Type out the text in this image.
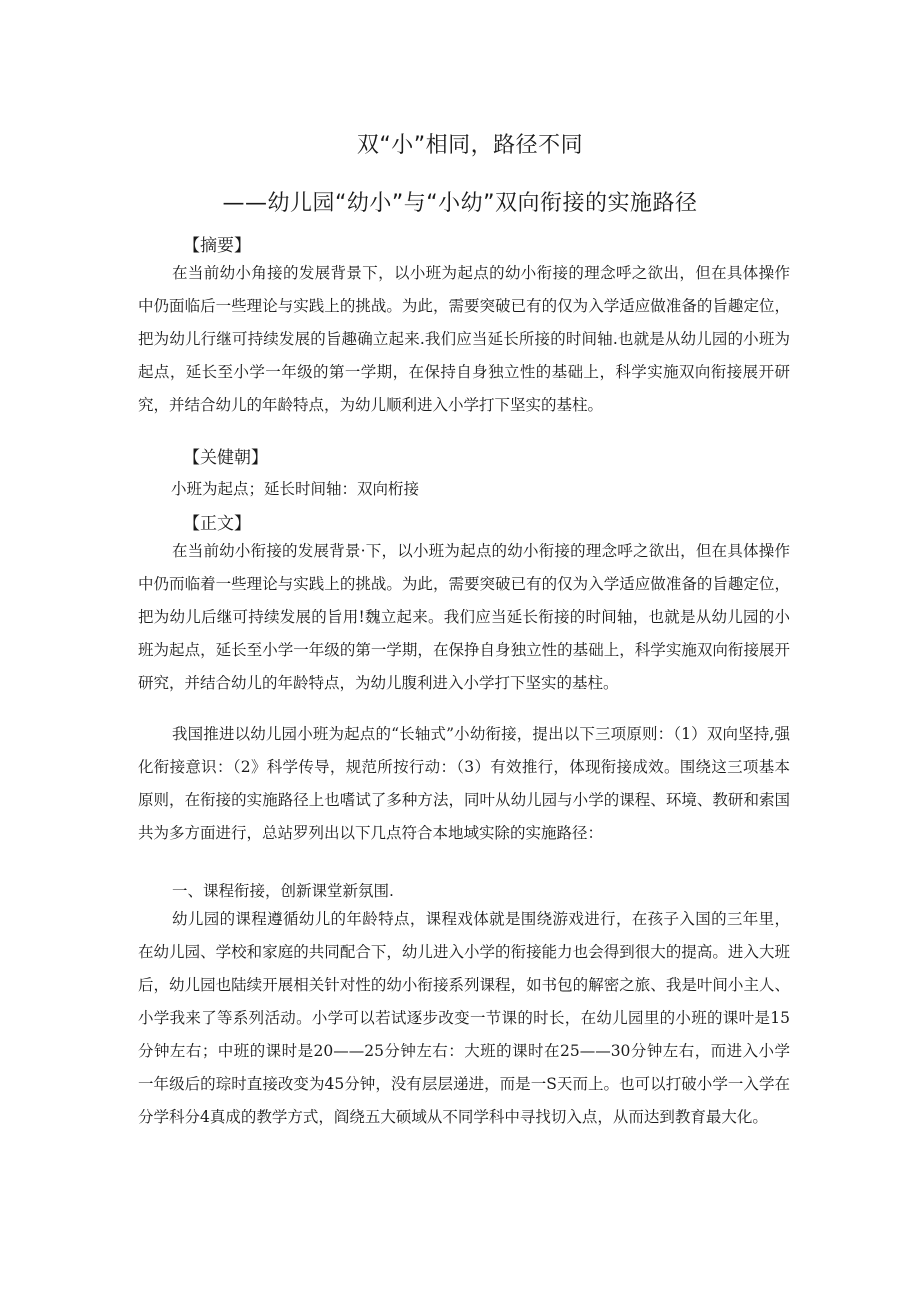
双“小”相同，路径不同
——幼儿园“幼小”与“小幼”双向衔接的实施路径
【摘要】

在当前幼小角接的发展背景下，以小班为起点的幼小衔接的理念呼之欲出，但在具体操作中仍面临后一些理论与实践上的挑战。为此，需要突破已有的仅为入学适应做准备的旨趣定位，把为幼儿行继可持续发展的旨趣确立起来.我们应当延长所接的时间轴.也就是从幼儿园的小班为起点，延长至小学一年级的第一学期，在保持自身独立性的基础上，科学实施双向衔接展开研究，并结合幼儿的年龄特点，为幼儿顺利进入小学打下坚实的基柱。

【关健朝】

小班为起点；延长时间轴：双向桁接

【正文】

在当前幼小衔接的发展背景·下，以小班为起点的幼小衔接的理念呼之欲出，但在具体操作中仍而临着一些理论与实践上的挑战。为此，需要突破已有的仅为入学适应做准备的旨趣定位，把为幼儿后继可持续发展的旨用!魏立起来。我们应当延长衔接的时间轴，也就是从幼儿园的小班为起点，延长至小学一年级的第一学期，在保挣自身独立性的基础上，科学实施双向衔接展开研究，并结合幼儿的年龄特点，为幼儿腹利进入小学打下坚实的基柱。

我国推进以幼儿园小班为起点的“长轴式”小幼衔接，提出以下三项原则：（1）双向坚持,强化衔接意识：（2》科学传导，规范所按行动：（3）有效推行，体现衔接成效。围绕这三项基本原则，在衔接的实施路径上也嗜试了多种方法，同叶从幼儿园与小学的课程、环境、教研和索国共为多方面进行，总站罗列出以下几点符合本地域实除的实施路径：

一、课程衔接，创新课堂新氛围.

幼儿园的课程遵循幼儿的年龄特点，课程戏体就是围绕游戏进行，在孩子入国的三年里，在幼儿园、学校和家庭的共同配合下，幼儿进入小学的衔接能力也会得到很大的提高。进入大班后，幼儿园也陆续开展相关针对性的幼小衔接系列课程，如书包的解密之旅、我是叶间小主人、小学我来了等系列活动。小学可以若试逐步改变一节课的时长，在幼儿园里的小班的课叶是15分钟左右；中班的课时是20——25分钟左右：大班的课时在25——30分钟左右，而进入小学一年级后的琮时直接改变为45分钟，没有层层递进，而是一S天而上。也可以打破小学一入学在分学科分4真成的教学方式，阎绕五大硕域从不同学科中寻找切入点，从而达到教育最大化。
